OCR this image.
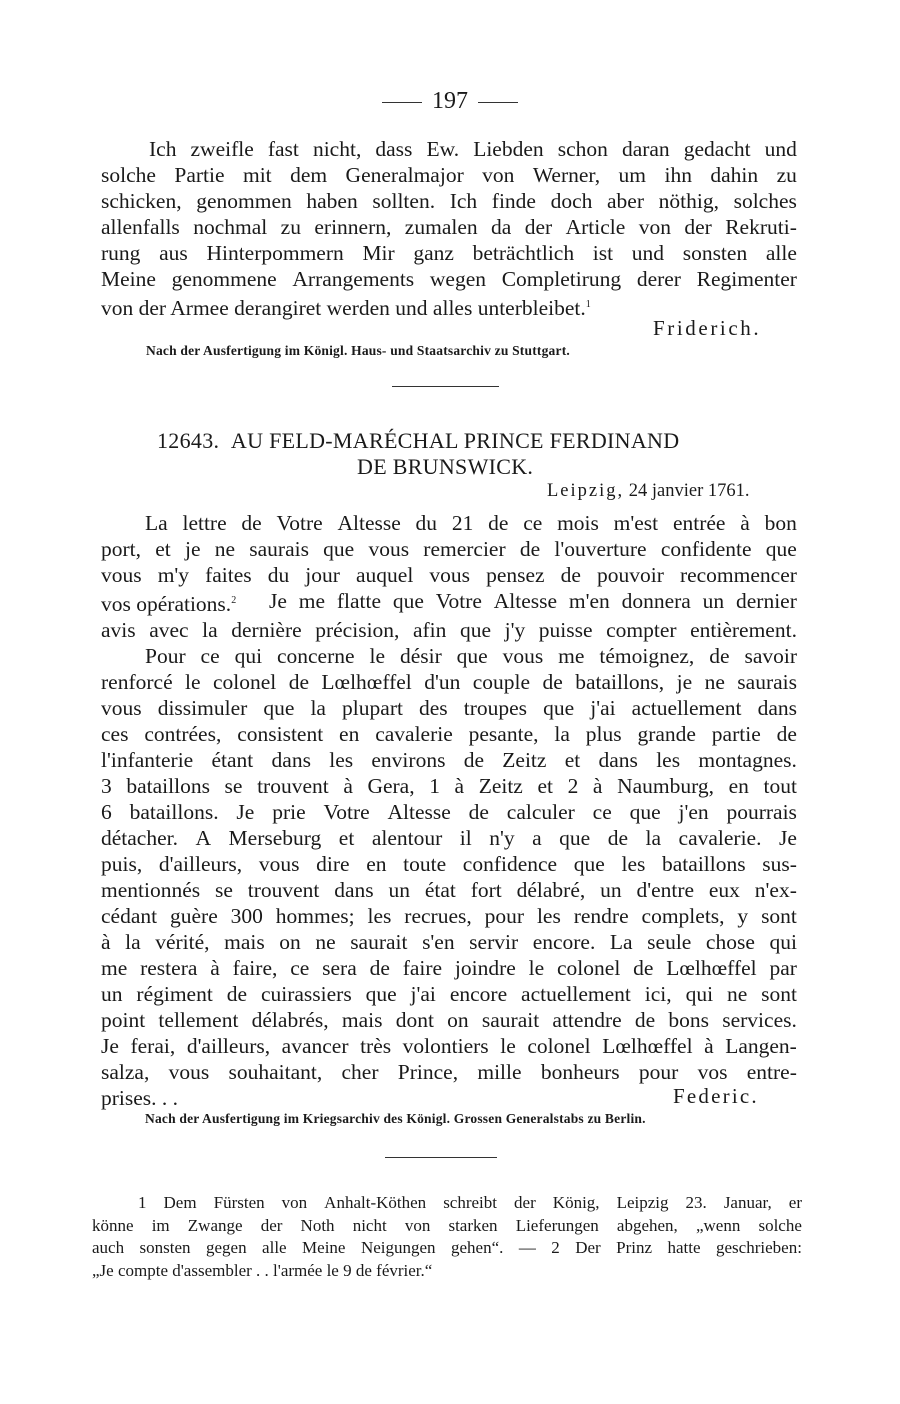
197
Ich zweifle fast nicht, dass Ew. Liebden schon daran gedacht und
solche Partie mit dem Generalmajor von Werner, um ihn dahin zu
schicken, genommen haben sollten. Ich finde doch aber nöthig, solches
allenfalls nochmal zu erinnern, zumalen da der Article von der Rekruti-
rung aus Hinterpommern Mir ganz beträchtlich ist und sonsten alle
Meine genommene Arrangements wegen Completirung derer Regimenter
von der Armee derangiret werden und alles unterbleibet.$^1$
Friderich.
Nach der Ausfertigung im Königl. Haus- und Staatsarchiv zu Stuttgart.
12643. AU FELD-MARÉCHAL PRINCE FERDINAND
DE BRUNSWICK.
Leipzig, 24 janvier 1761.
La lettre de Votre Altesse du 21 de ce mois m'est entrée à bon
port, et je ne saurais que vous remercier de l'ouverture confidente que
vous m'y faites du jour auquel vous pensez de pouvoir recommencer
vos opérations.$^2$ Je me flatte que Votre Altesse m'en donnera un dernier
avis avec la dernière précision, afin que j'y puisse compter entièrement.
Pour ce qui concerne le désir que vous me témoignez, de savoir
renforcé le colonel de Lœlhœffel d'un couple de bataillons, je ne saurais
vous dissimuler que la plupart des troupes que j'ai actuellement dans
ces contrées, consistent en cavalerie pesante, la plus grande partie de
l'infanterie étant dans les environs de Zeitz et dans les montagnes.
3 bataillons se trouvent à Gera, 1 à Zeitz et 2 à Naumburg, en tout
6 bataillons. Je prie Votre Altesse de calculer ce que j'en pourrais
détacher. A Merseburg et alentour il n'y a que de la cavalerie. Je
puis, d'ailleurs, vous dire en toute confidence que les bataillons sus-
mentionnés se trouvent dans un état fort délabré, un d'entre eux n'ex-
cédant guère 300 hommes; les recrues, pour les rendre complets, y sont
à la vérité, mais on ne saurait s'en servir encore. La seule chose qui
me restera à faire, ce sera de faire joindre le colonel de Lœlhœffel par
un régiment de cuirassiers que j'ai encore actuellement ici, qui ne sont
point tellement délabrés, mais dont on saurait attendre de bons services.
Je ferai, d'ailleurs, avancer très volontiers le colonel Lœlhœffel à Langen-
salza, vous souhaitant, cher Prince, mille bonheurs pour vos entre-
prises. . .	Federic.
Nach der Ausfertigung im Kriegsarchiv des Königl. Grossen Generalstabs zu Berlin.
1 Dem Fürsten von Anhalt-Köthen schreibt der König, Leipzig 23. Januar, er
könne im Zwange der Noth nicht von starken Lieferungen abgehen, „wenn solche
auch sonsten gegen alle Meine Neigungen gehen“. — 2 Der Prinz hatte geschrieben:
„Je compte d'assembler . . l'armée le 9 de février.“
